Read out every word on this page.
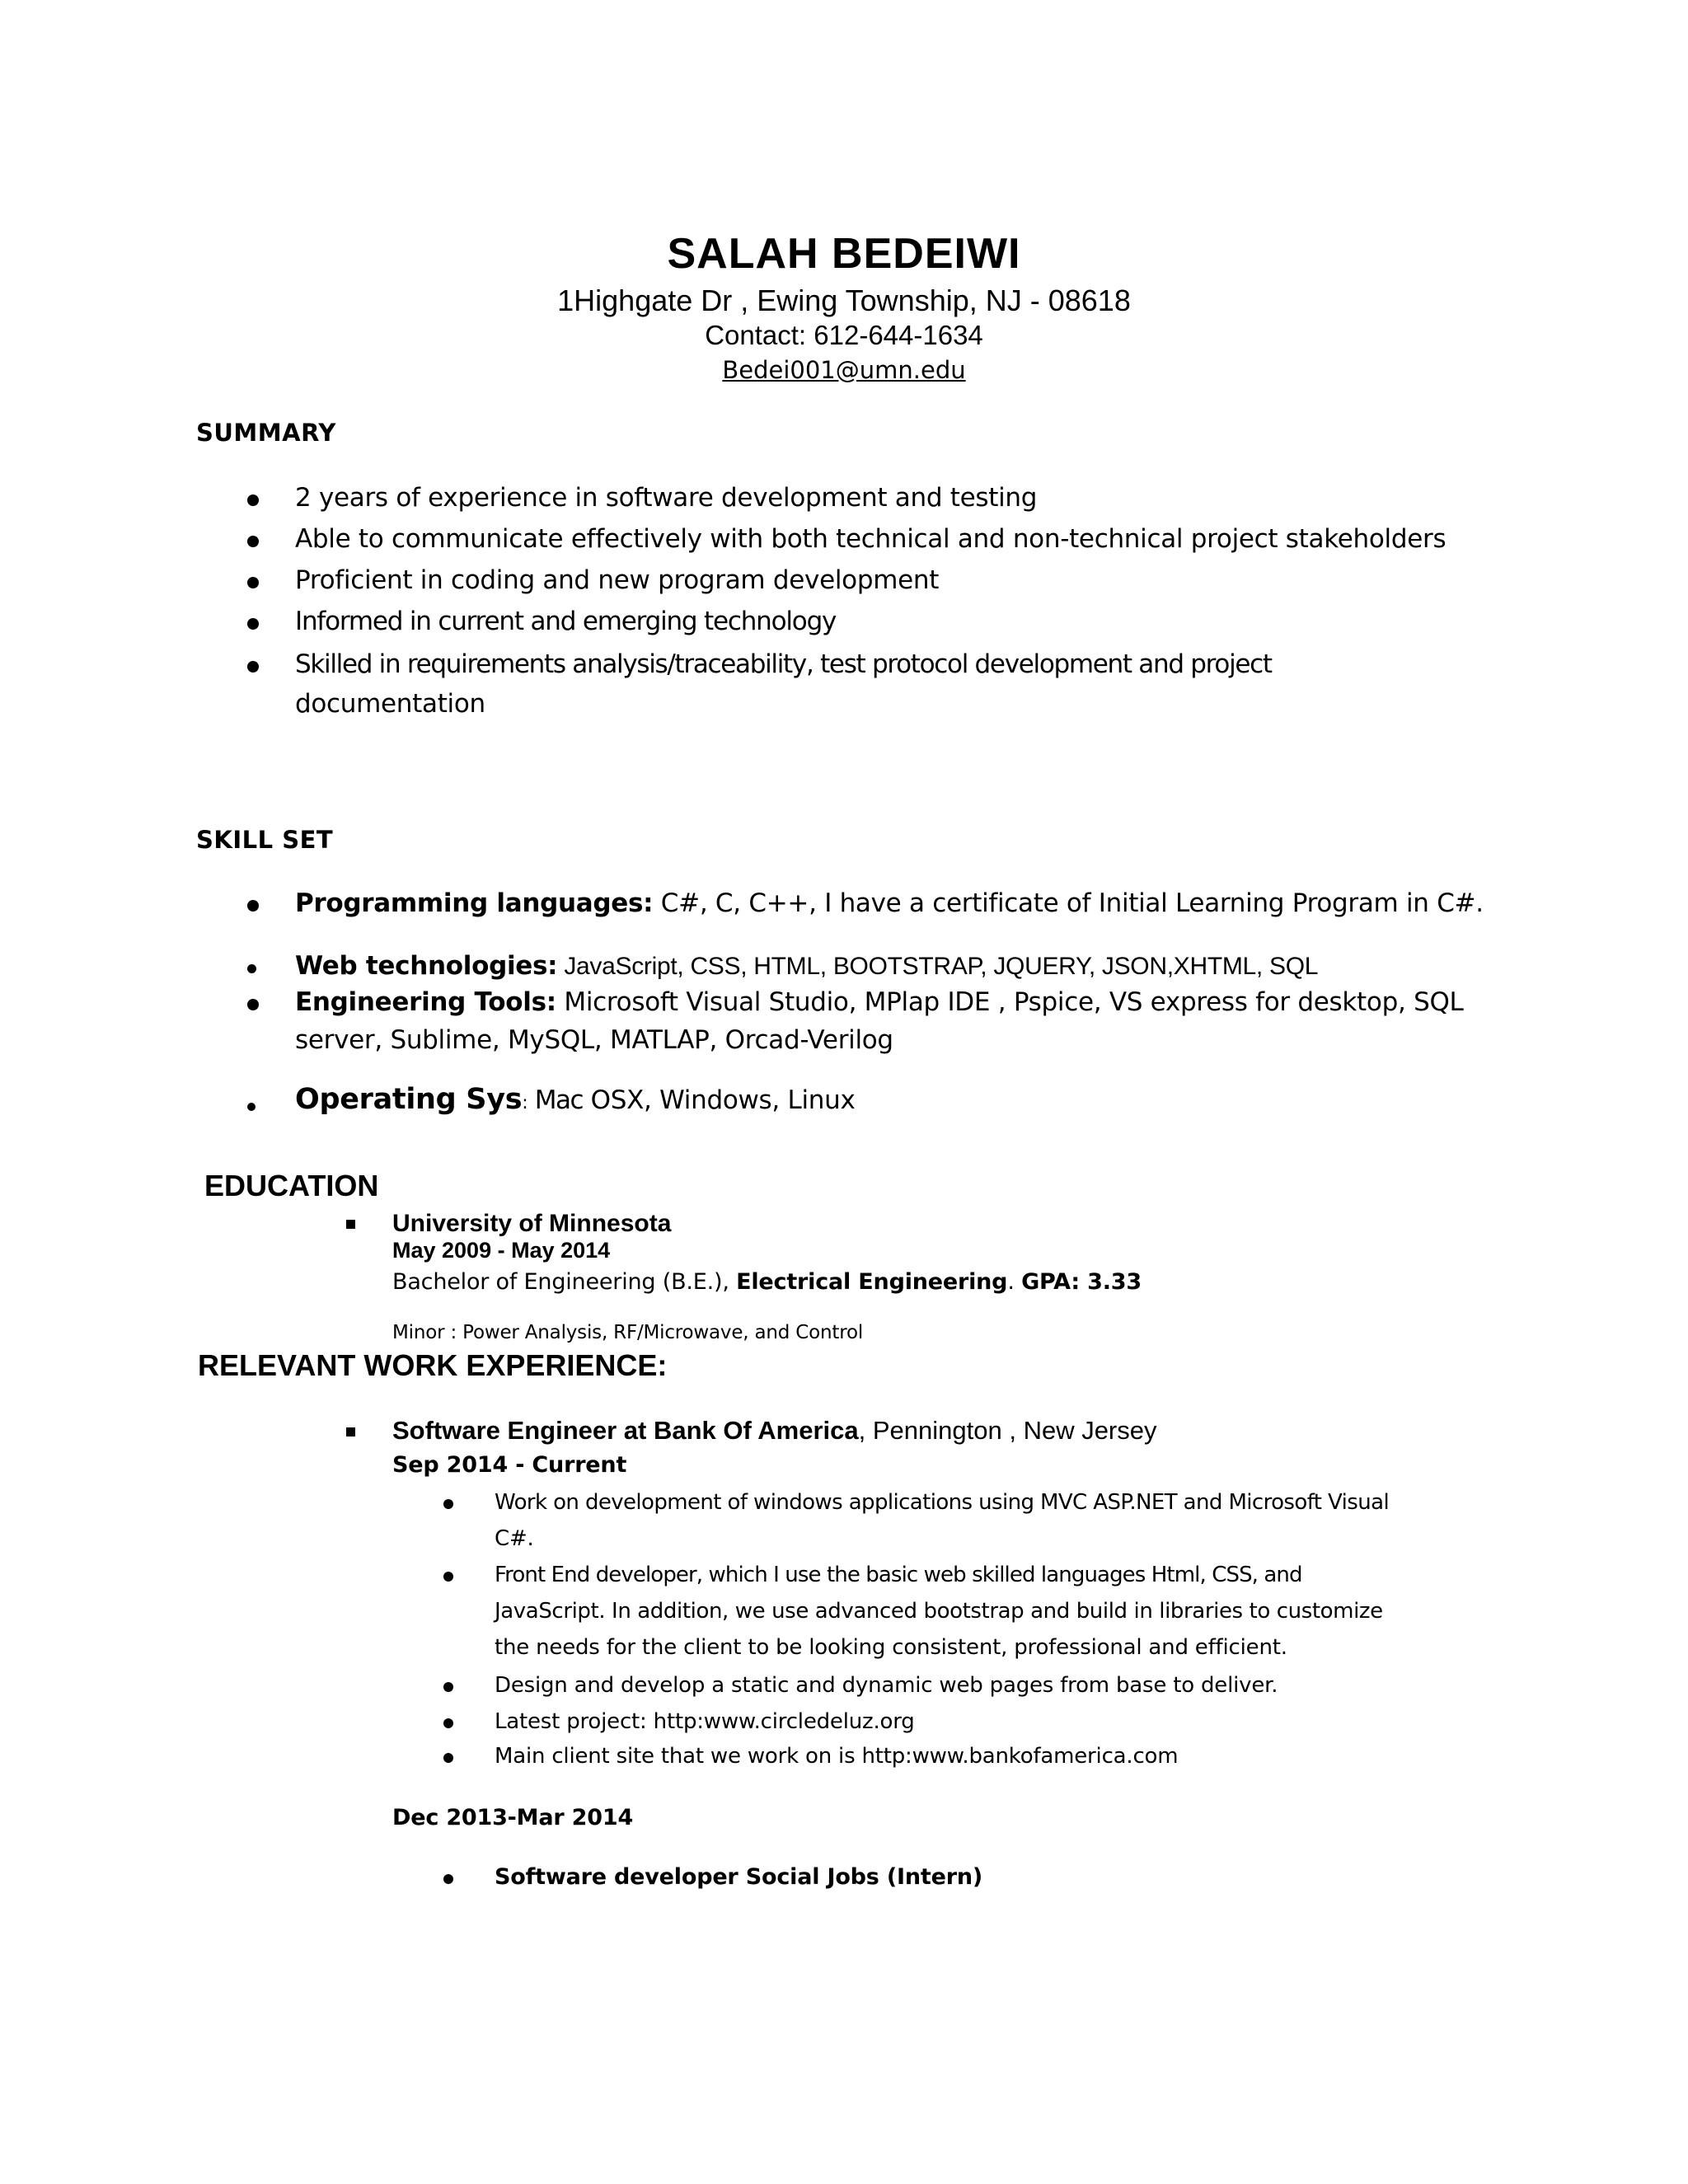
SALAH BEDEIWI
1Highgate Dr , Ewing Township, NJ - 08618
Contact: 612-644-1634
Bedei001@umn.edu
SUMMARY
2 years of experience in software development and testing
Able to communicate effectively with both technical and non-technical project stakeholders
Proficient in coding and new program development
Informed in current and emerging technology
Skilled in requirements analysis/traceability, test protocol development and project
documentation
SKILL SET
Programming languages: C#, C, C++, I have a certificate of Initial Learning Program in C#.
Web technologies: JavaScript, CSS, HTML, BOOTSTRAP, JQUERY, JSON,XHTML, SQL
Engineering Tools: Microsoft Visual Studio, MPlap IDE , Pspice, VS express for desktop, SQL
server, Sublime, MySQL, MATLAP, Orcad-Verilog
Operating Sys: Mac OSX, Windows, Linux
EDUCATION
University of Minnesota
May 2009 - May 2014
Bachelor of Engineering (B.E.), Electrical Engineering. GPA: 3.33
Minor : Power Analysis, RF/Microwave, and Control
RELEVANT WORK EXPERIENCE:
Software Engineer at Bank Of America, Pennington , New Jersey
Sep 2014 - Current
Work on development of windows applications using MVC ASP.NET and Microsoft Visual
C#.
Front End developer, which I use the basic web skilled languages Html, CSS, and
JavaScript. In addition, we use advanced bootstrap and build in libraries to customize
the needs for the client to be looking consistent, professional and efficient.
Design and develop a static and dynamic web pages from base to deliver.
Latest project: http:www.circledeluz.org
Main client site that we work on is http:www.bankofamerica.com
Dec 2013-Mar 2014
Software developer Social Jobs (Intern)
